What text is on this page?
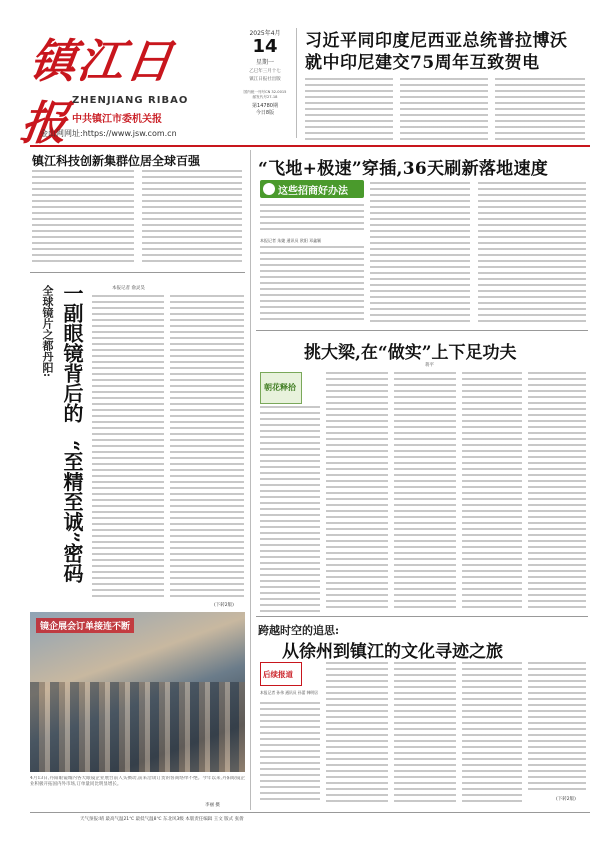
镇江日报
ZHENJIANG RIBAO
中共镇江市委机关报
金山网网址:https://www.jsw.com.cn
2025年4月
14
星期一
乙巳年三月十七
镇江日报社出版
国内统一刊号CN 32-0015
邮发代号27-18
第14780期
今日8版
习近平同印度尼西亚总统普拉博沃
就中印尼建交75周年互致贺电
镇江科技创新集群位居全球百强
全球镜片之都丹阳: 一副眼镜背后的
“至精至诚”密码
本报记者 俞灵昊
(下转2版)
镜企展会订单接连不断
4月13日,丹阳眼镜城内各大眼镜企业展台前人头攒动,前来洽谈订货的客商络绎不绝。今年以来,丹阳眼镜企业积极开拓国内外市场,订单量同比明显增长。
李丽 摄
“飞地+极速”穿插,36天刷新落地速度
这些招商好办法
本报记者 朱婕 通讯员 欧阳 邓鑫颖
挑大梁,在“做实”上下足功夫
蒋平
朝花释拾
跨越时空的追思:
从徐州到镇江的文化寻迹之旅
后续报道
本报记者 孙伟 通讯员 孙蕾 韩明居
(下转2版)
天气预报:晴 最高气温21℃ 最低气温8℃ 东北风3级 本版责任编辑 王文 版式 张倩
